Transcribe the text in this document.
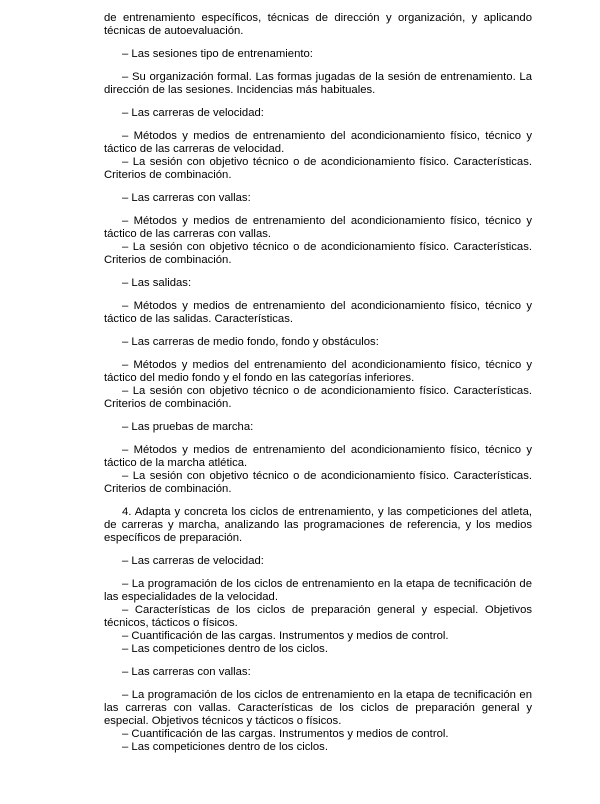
de entrenamiento específicos, técnicas de dirección y organización, y aplicando técnicas de autoevaluación.

– Las sesiones tipo de entrenamiento:

– Su organización formal. Las formas jugadas de la sesión de entrenamiento. La dirección de las sesiones. Incidencias más habituales.

– Las carreras de velocidad:

– Métodos y medios de entrenamiento del acondicionamiento físico, técnico y táctico de las carreras de velocidad.

– La sesión con objetivo técnico o de acondicionamiento físico. Características. Criterios de combinación.

– Las carreras con vallas:

– Métodos y medios de entrenamiento del acondicionamiento físico, técnico y táctico de las carreras con vallas.

– La sesión con objetivo técnico o de acondicionamiento físico. Características. Criterios de combinación.

– Las salidas:

– Métodos y medios de entrenamiento del acondicionamiento físico, técnico y táctico de las salidas. Características.

– Las carreras de medio fondo, fondo y obstáculos:

– Métodos y medios del entrenamiento del acondicionamiento físico, técnico y táctico del medio fondo y el fondo en las categorías inferiores.

– La sesión con objetivo técnico o de acondicionamiento físico. Características. Criterios de combinación.

– Las pruebas de marcha:

– Métodos y medios de entrenamiento del acondicionamiento físico, técnico y táctico de la marcha atlética.

– La sesión con objetivo técnico o de acondicionamiento físico. Características. Criterios de combinación.

4. Adapta y concreta los ciclos de entrenamiento, y las competiciones del atleta, de carreras y marcha, analizando las programaciones de referencia, y los medios específicos de preparación.

– Las carreras de velocidad:

– La programación de los ciclos de entrenamiento en la etapa de tecnificación de las especialidades de la velocidad.

– Características de los ciclos de preparación general y especial. Objetivos técnicos, tácticos o físicos.

– Cuantificación de las cargas. Instrumentos y medios de control.

– Las competiciones dentro de los ciclos.

– Las carreras con vallas:

– La programación de los ciclos de entrenamiento en la etapa de tecnificación en las carreras con vallas. Características de los ciclos de preparación general y especial. Objetivos técnicos y tácticos o físicos.

– Cuantificación de las cargas. Instrumentos y medios de control.

– Las competiciones dentro de los ciclos.
